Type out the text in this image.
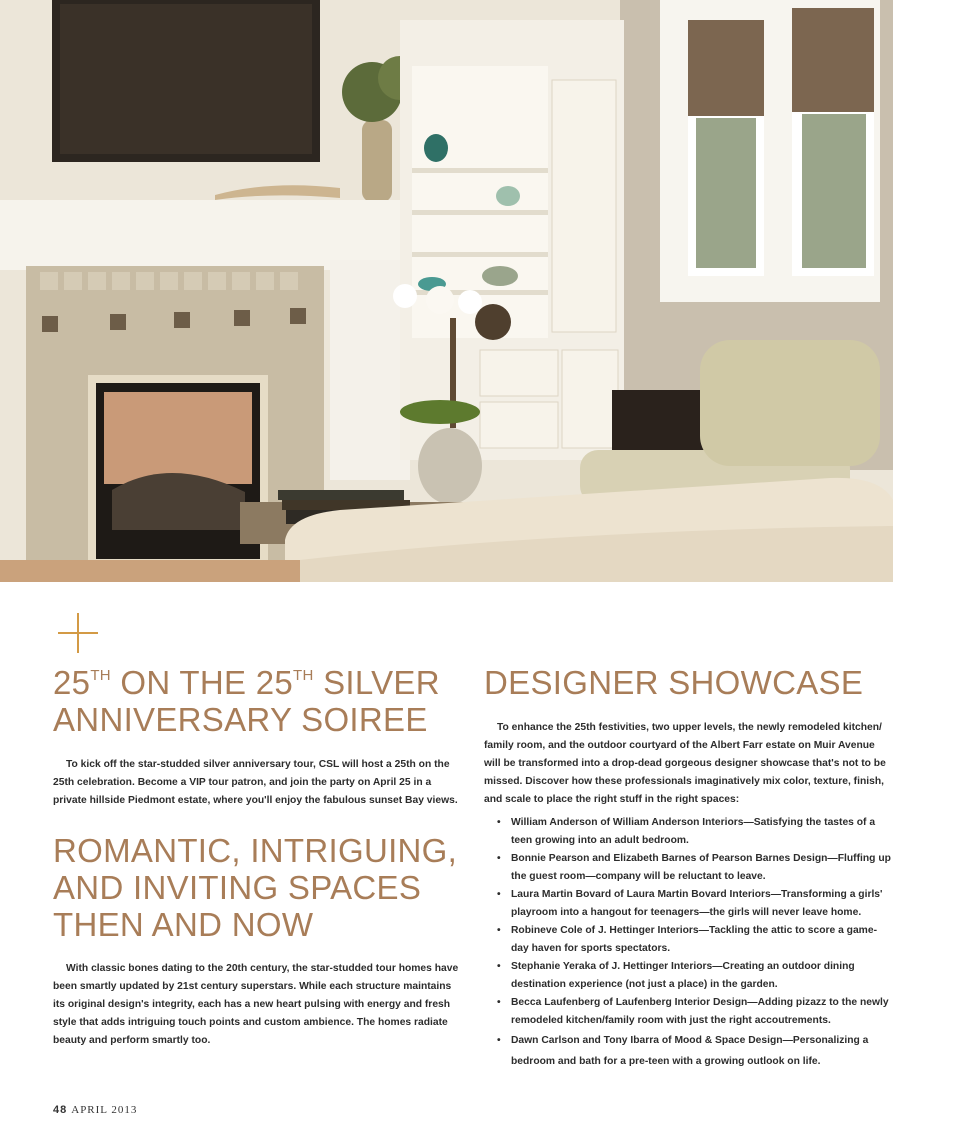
25TH ON THE 25TH SILVER
ANNIVERSARY SOIREE

To kick off the star-studded silver anniversary tour, CSL will host a 25th on the 25th celebration. Become a VIP tour patron, and join the party on April 25 in a private hillside Piedmont estate, where you'll enjoy the fabulous sunset Bay views.

ROMANTIC, INTRIGUING,
AND INVITING SPACES
THEN AND NOW

With classic bones dating to the 20th century, the star-studded tour homes have been smartly updated by 21st century superstars. While each structure maintains its original design's integrity, each has a new heart pulsing with energy and fresh style that adds intriguing touch points and custom ambience. The homes radiate beauty and perform smartly too.

DESIGNER SHOWCASE

To enhance the 25th festivities, two upper levels, the newly remodeled kitchen/ family room, and the outdoor courtyard of the Albert Farr estate on Muir Avenue will be transformed into a drop-dead gorgeous designer showcase that's not to be missed. Discover how these professionals imaginatively mix color, texture, finish, and scale to place the right stuff in the right spaces:

• William Anderson of William Anderson Interiors—Satisfying the tastes of a teen growing into an adult bedroom.
• Bonnie Pearson and Elizabeth Barnes of Pearson Barnes Design—Fluffing up the guest room—company will be reluctant to leave.
• Laura Martin Bovard of Laura Martin Bovard Interiors—Transforming a girls' playroom into a hangout for teenagers—the girls will never leave home.
• Robineve Cole of J. Hettinger Interiors—Tackling the attic to score a game-day haven for sports spectators.
• Stephanie Yeraka of J. Hettinger Interiors—Creating an outdoor dining destination experience (not just a place) in the garden.
• Becca Laufenberg of Laufenberg Interior Design—Adding pizazz to the newly remodeled kitchen/family room with just the right accoutrements.
• Dawn Carlson and Tony Ibarra of Mood & Space Design—Personalizing a bedroom and bath for a pre-teen with a growing outlook on life.
48 APRIL 2013
